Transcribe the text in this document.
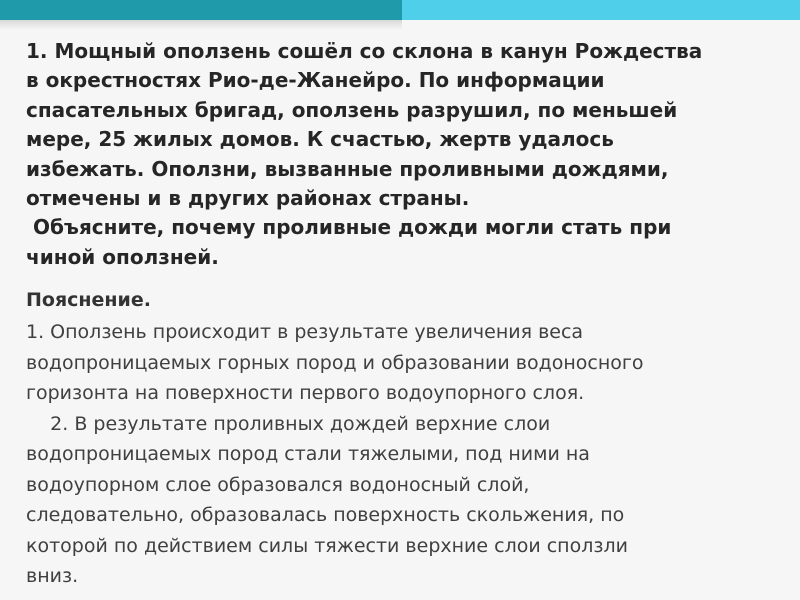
1. Мощный оползень сошёл со склона в канун Рождества
в окрестностях Рио-де-Жанейро. По информации
спасательных бригад, оползень разрушил, по меньшей
мере, 25 жилых домов. К счастью, жертв удалось
избежать. Оползни, вызванные проливными дождями,
отмечены и в других районах страны.
Объясните, почему проливные дожди могли стать при
чиной оползней.
Пояснение.
1. Оползень происходит в результате увеличения веса
водопроницаемых горных пород и образовании водоносного
горизонта на поверхности первого водоупорного слоя.
2. В результате проливных дождей верхние слои
водопроницаемых пород стали тяжелыми, под ними на
водоупорном слое образовался водоносный слой,
следовательно, образовалась поверхность скольжения, по
которой по действием силы тяжести верхние слои сползли
вниз.
